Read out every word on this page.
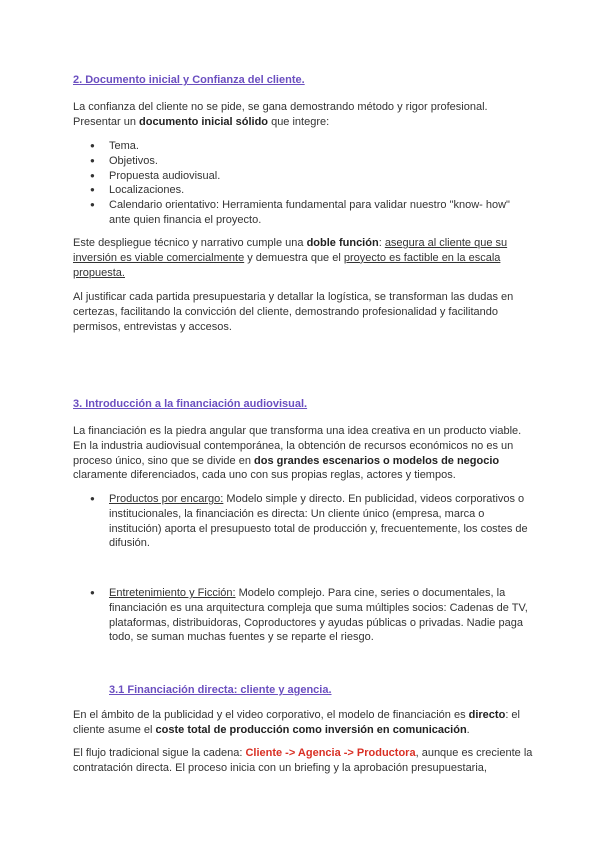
2. Documento inicial y Confianza del cliente.

La confianza del cliente no se pide, se gana demostrando método y rigor profesional.

Presentar un documento inicial sólido que integre:

● Tema.
● Objetivos.
● Propuesta audiovisual.
● Localizaciones.
● Calendario orientativo: Herramienta fundamental para validar nuestro "know- how" ante quien financia el proyecto.

Este despliegue técnico y narrativo cumple una doble función: asegura al cliente que su inversión es viable comercialmente y demuestra que el proyecto es factible en la escala propuesta.

Al justificar cada partida presupuestaria y detallar la logística, se transforman las dudas en certezas, facilitando la convicción del cliente, demostrando profesionalidad y facilitando permisos, entrevistas y accesos.

3. Introducción a la financiación audiovisual.

La financiación es la piedra angular que transforma una idea creativa en un producto viable. En la industria audiovisual contemporánea, la obtención de recursos económicos no es un proceso único, sino que se divide en dos grandes escenarios o modelos de negocio claramente diferenciados, cada uno con sus propias reglas, actores y tiempos.

● Productos por encargo: Modelo simple y directo. En publicidad, videos corporativos o institucionales, la financiación es directa: Un cliente único (empresa, marca o institución) aporta el presupuesto total de producción y, frecuentemente, los costes de difusión.
● Entretenimiento y Ficción: Modelo complejo. Para cine, series o documentales, la financiación es una arquitectura compleja que suma múltiples socios: Cadenas de TV, plataformas, distribuidoras, Coproductores y ayudas públicas o privadas. Nadie paga todo, se suman muchas fuentes y se reparte el riesgo.
3.1 Financiación directa: cliente y agencia.

En el ámbito de la publicidad y el video corporativo, el modelo de financiación es directo: el cliente asume el coste total de producción como inversión en comunicación.

El flujo tradicional sigue la cadena: Cliente -> Agencia -> Productora, aunque es creciente la contratación directa. El proceso inicia con un briefing y la aprobación presupuestaria,
